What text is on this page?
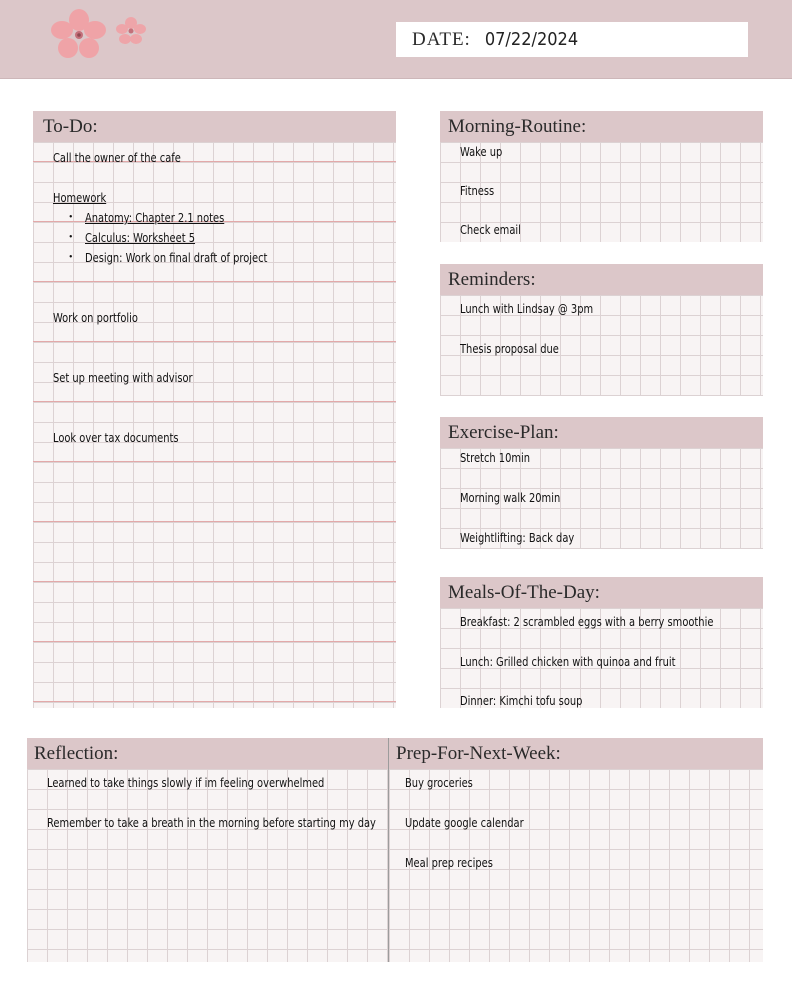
DATE: 07/22/2024
To-Do:
Call the owner of the cafe
Homework
• Anatomy: Chapter 2.1 notes
• Calculus: Worksheet 5
• Design: Work on final draft of project
Work on portfolio
Set up meeting with advisor
Look over tax documents
Morning-Routine:
Wake up
Fitness
Check email
Reminders:
Lunch with Lindsay @ 3pm
Thesis proposal due
Exercise-Plan:
Stretch 10min
Morning walk 20min
Weightlifting: Back day
Meals-Of-The-Day:
Breakfast: 2 scrambled eggs with a berry smoothie
Lunch: Grilled chicken with quinoa and fruit
Dinner: Kimchi tofu soup
Reflection:
Learned to take things slowly if im feeling overwhelmed
Remember to take a breath in the morning before starting my day
Prep-For-Next-Week:
Buy groceries
Update google calendar
Meal prep recipes
